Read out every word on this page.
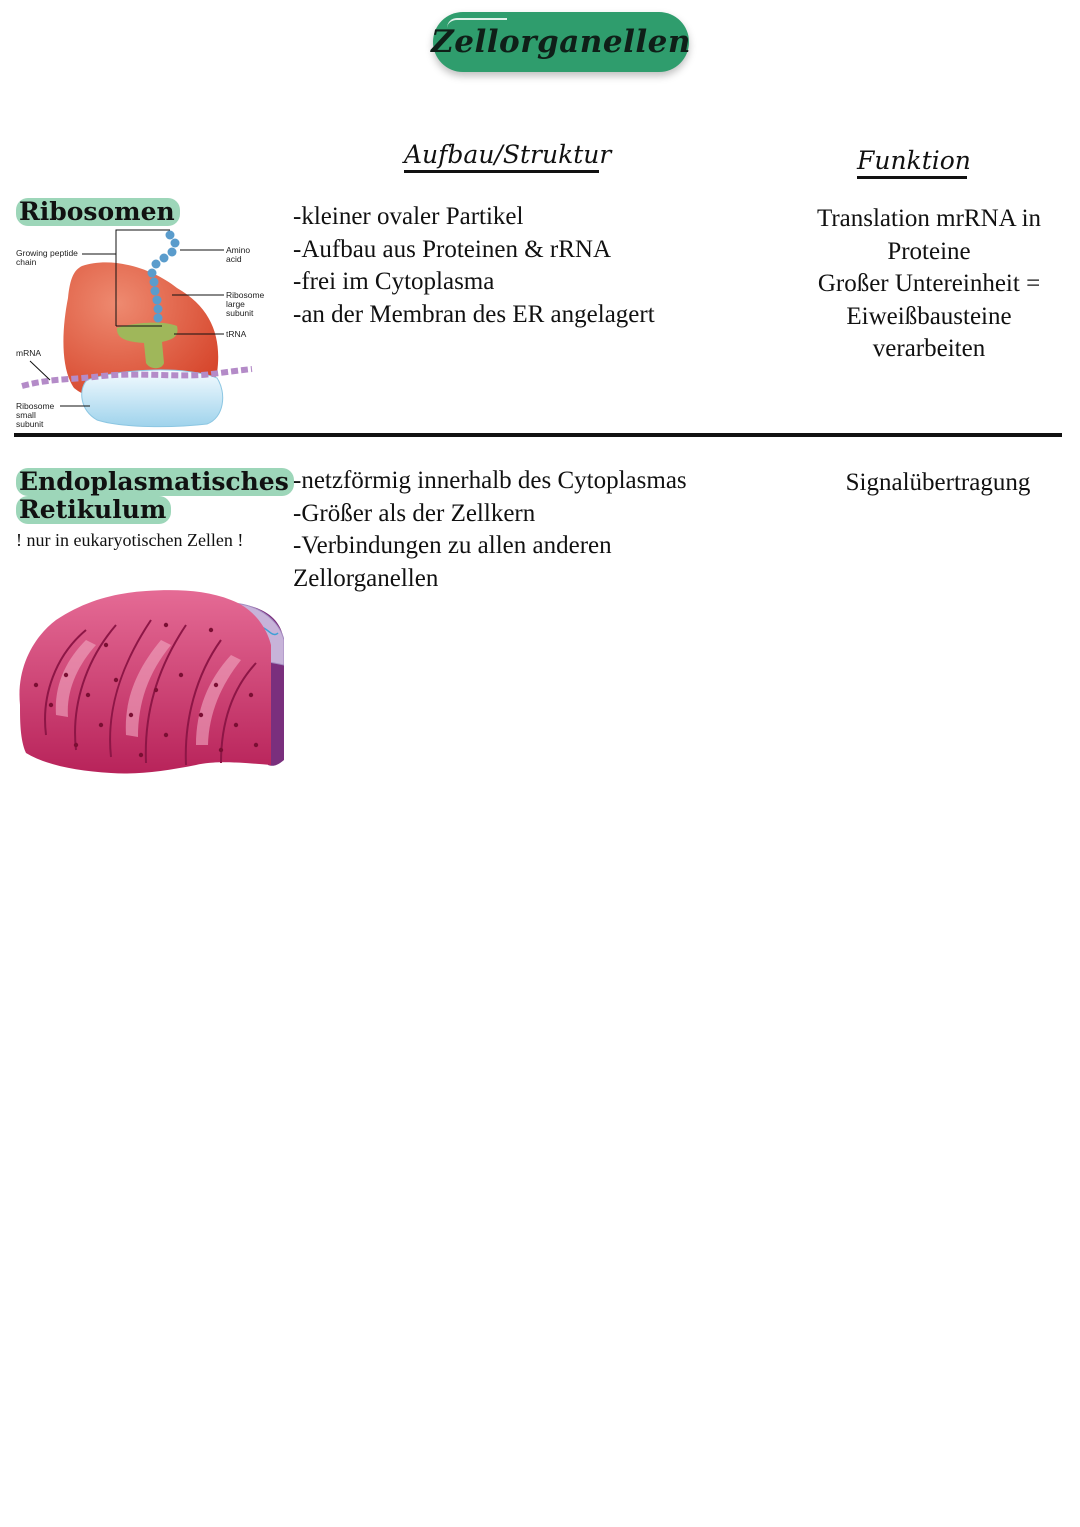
Zellorganellen
Aufbau/Struktur	Funktion
Ribosomen
Growing peptide chain
Amino acid
Ribosome large subunit
tRNA
mRNA
Ribosome small subunit
-kleiner ovaler Partikel
-Aufbau aus Proteinen & rRNA
-frei im Cytoplasma
-an der Membran des ER angelagert
Translation mrRNA in
Proteine
Großer Untereinheit =
Eiweißbausteine
verarbeiten
Endoplasmatisches
Retikulum
! nur in eukaryotischen Zellen !
-netzförmig innerhalb des Cytoplasmas
-Größer als der Zellkern
-Verbindungen zu allen anderen
Zellorganellen
Signalübertragung
